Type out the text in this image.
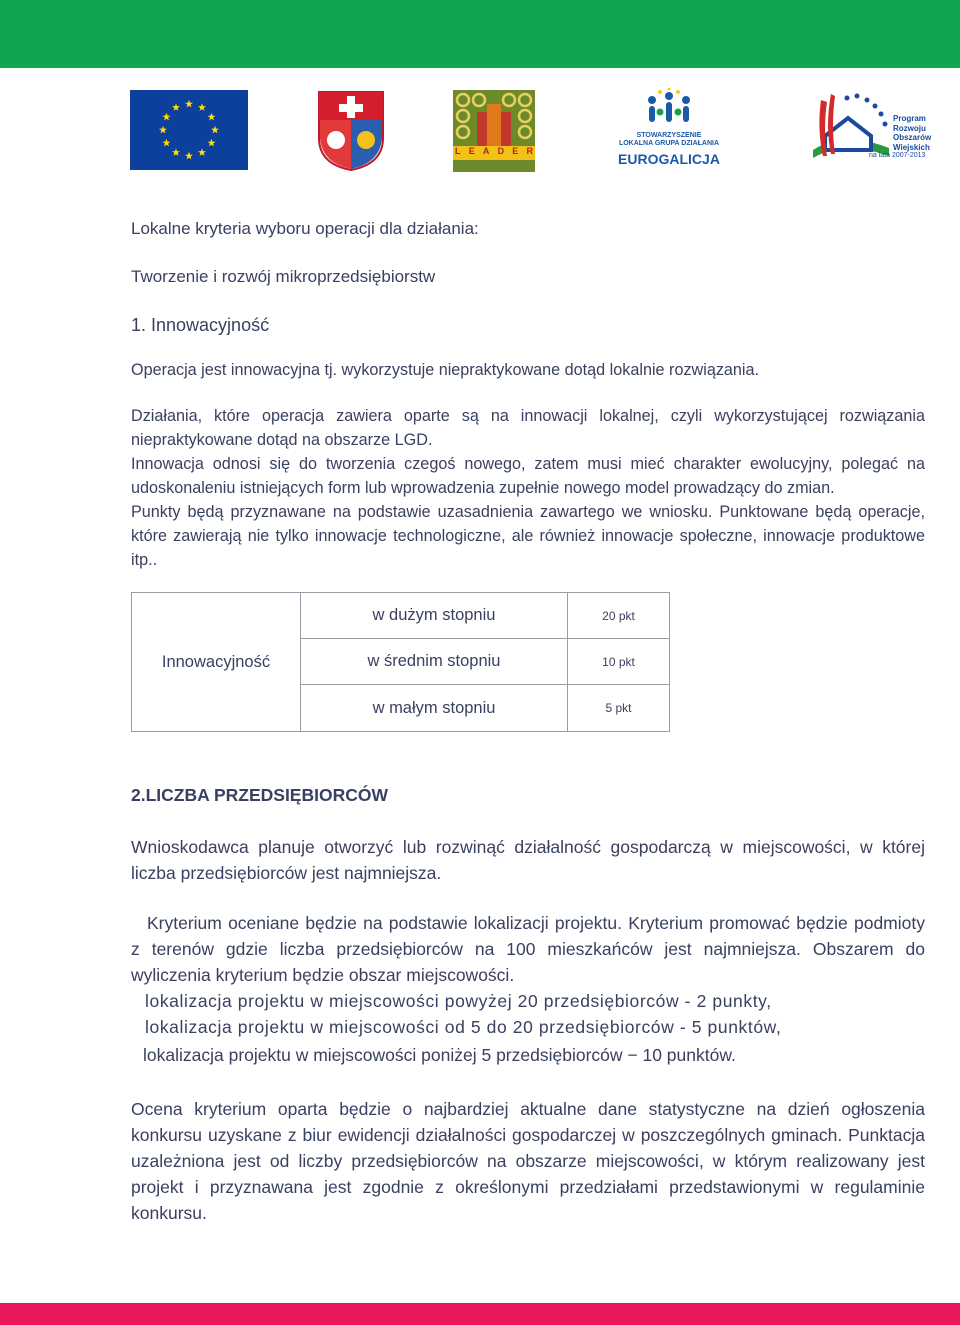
L E A D E R
STOWARZYSZENIE
LOKALNA GRUPA DZIAŁANIA
EUROGALICJA
Program
Rozwoju
Obszarów
Wiejskich
na lata 2007-2013

Lokalne kryteria wyboru operacji dla działania:

Tworzenie i rozwój mikroprzedsiębiorstw

1. Innowacyjność

Operacja jest innowacyjna tj. wykorzystuje niepraktykowane dotąd lokalnie rozwiązania.

Działania, które operacja zawiera oparte są na innowacji lokalnej, czyli wykorzystującej rozwiązania niepraktykowane dotąd na obszarze LGD.

Innowacja odnosi się do tworzenia czegoś nowego, zatem musi mieć charakter ewolucyjny, polegać na udoskonaleniu istniejących form lub wprowadzenia zupełnie nowego model prowadzący do zmian.

Punkty będą przyznawane na podstawie uzasadnienia zawartego we wniosku. Punktowane będą operacje, które zawierają nie tylko innowacje technologiczne, ale również innowacje społeczne, innowacje produktowe itp..

Innowacyjność	w dużym stopniu	20 pkt
	w średnim stopniu	10 pkt
	w małym stopniu	5 pkt

2.LICZBA PRZEDSIĘBIORCÓW

Wnioskodawca planuje otworzyć lub rozwinąć działalność gospodarczą w miejscowości, w której liczba przedsiębiorców jest najmniejsza.

Kryterium oceniane będzie na podstawie lokalizacji projektu. Kryterium promować będzie podmioty z terenów gdzie liczba przedsiębiorców na 100 mieszkańców jest najmniejsza. Obszarem do wyliczenia kryterium będzie obszar miejscowości.

lokalizacja projektu w miejscowości powyżej 20 przedsiębiorców - 2 punkty,

lokalizacja projektu w miejscowości od 5 do 20 przedsiębiorców - 5 punktów,

lokalizacja projektu w miejscowości poniżej 5 przedsiębiorców − 10 punktów.

Ocena kryterium oparta będzie o najbardziej aktualne dane statystyczne na dzień ogłoszenia konkursu uzyskane z biur ewidencji działalności gospodarczej w poszczególnych gminach. Punktacja uzależniona jest od liczby przedsiębiorców na obszarze miejscowości, w którym realizowany jest projekt i przyznawana jest zgodnie z określonymi przedziałami przedstawionymi w regulaminie konkursu.
